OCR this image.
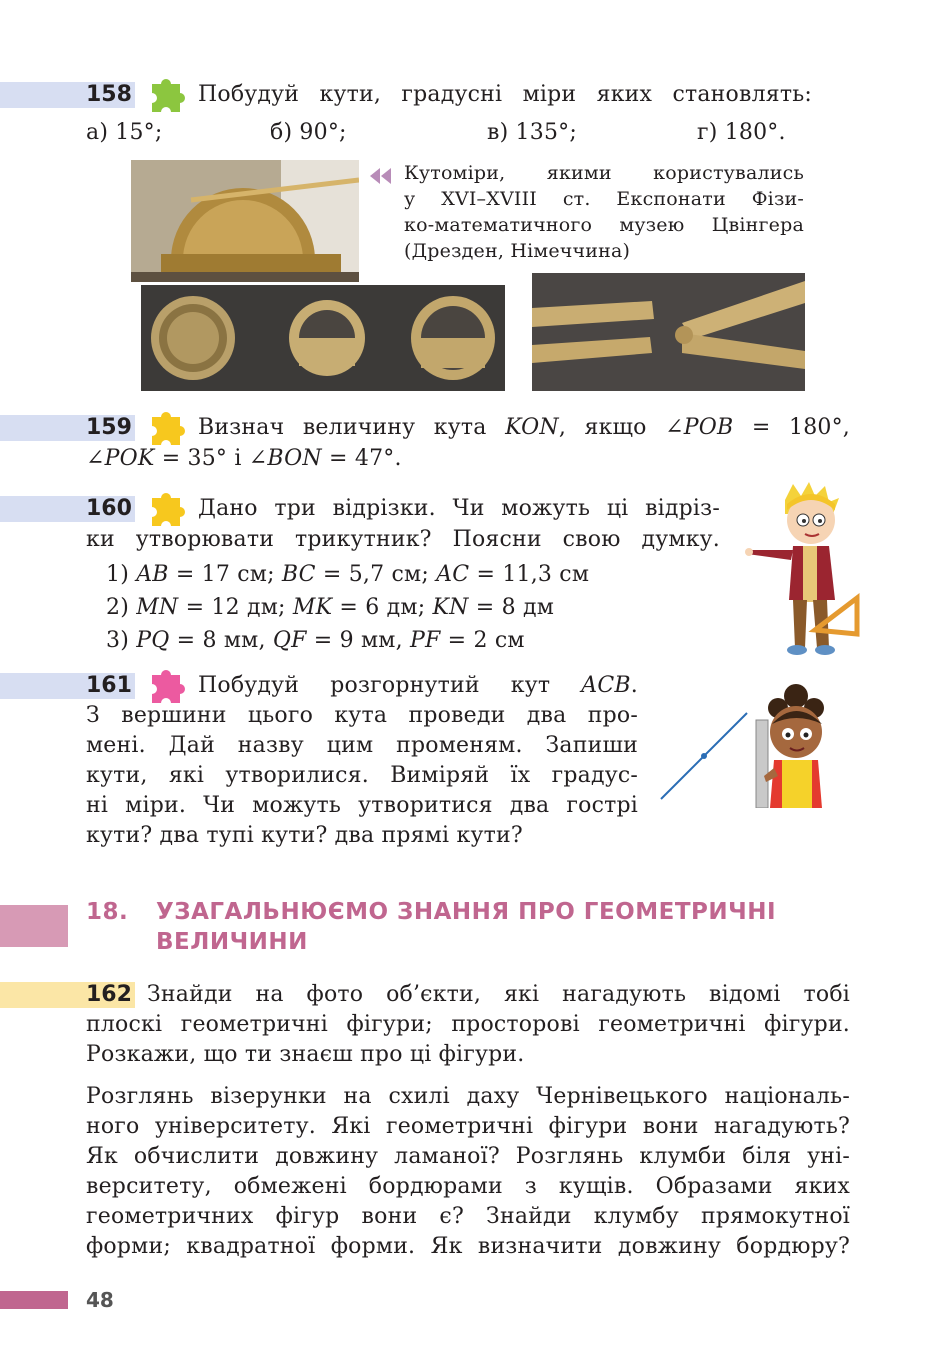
158	Побудуй кути, градусні міри яких становлять:
а) 15°;	б) 90°;	в) 135°;	г) 180°.
Кутоміри, якими користувались
у XVI–XVIII ст. Експонати Фізи-
ко-математичного музею Цвінгера
(Дрезден, Німеччина)
159	Визнач величину кута KON, якщо ∠POB = 180°,
∠POK = 35° і ∠BON = 47°.
160	Дано три відрізки. Чи можуть ці відріз-
ки утворювати трикутник? Поясни свою думку.
1) AB = 17 см; BC = 5,7 см; AC = 11,3 см
2) MN = 12 дм; MK = 6 дм; KN = 8 дм
3) PQ = 8 мм, QF = 9 мм, PF = 2 см
161	Побудуй розгорнутий кут ACB.
З вершини цього кута проведи два про-
мені. Дай назву цим променям. Запиши
кути, які утворилися. Виміряй їх градус-
ні міри. Чи можуть утворитися два гострі
кути? два тупі кути? два прямі кути?
18. УЗАГАЛЬНЮЄМО ЗНАННЯ ПРО ГЕОМЕТРИЧНІ
ВЕЛИЧИНИ
162 Знайди на фото об’єкти, які нагадують відомі тобі
плоскі геометричні фігури; просторові геометричні фігури.
Розкажи, що ти знаєш про ці фігури.
Розглянь візерунки на схилі даху Чернівецького національ-
ного університету. Які геометричні фігури вони нагадують?
Як обчислити довжину ламаної? Розглянь клумби біля уні-
верситету, обмежені бордюрами з кущів. Образами яких
геометричних фігур вони є? Знайди клумбу прямокутної
форми; квадратної форми. Як визначити довжину бордюру?
48
